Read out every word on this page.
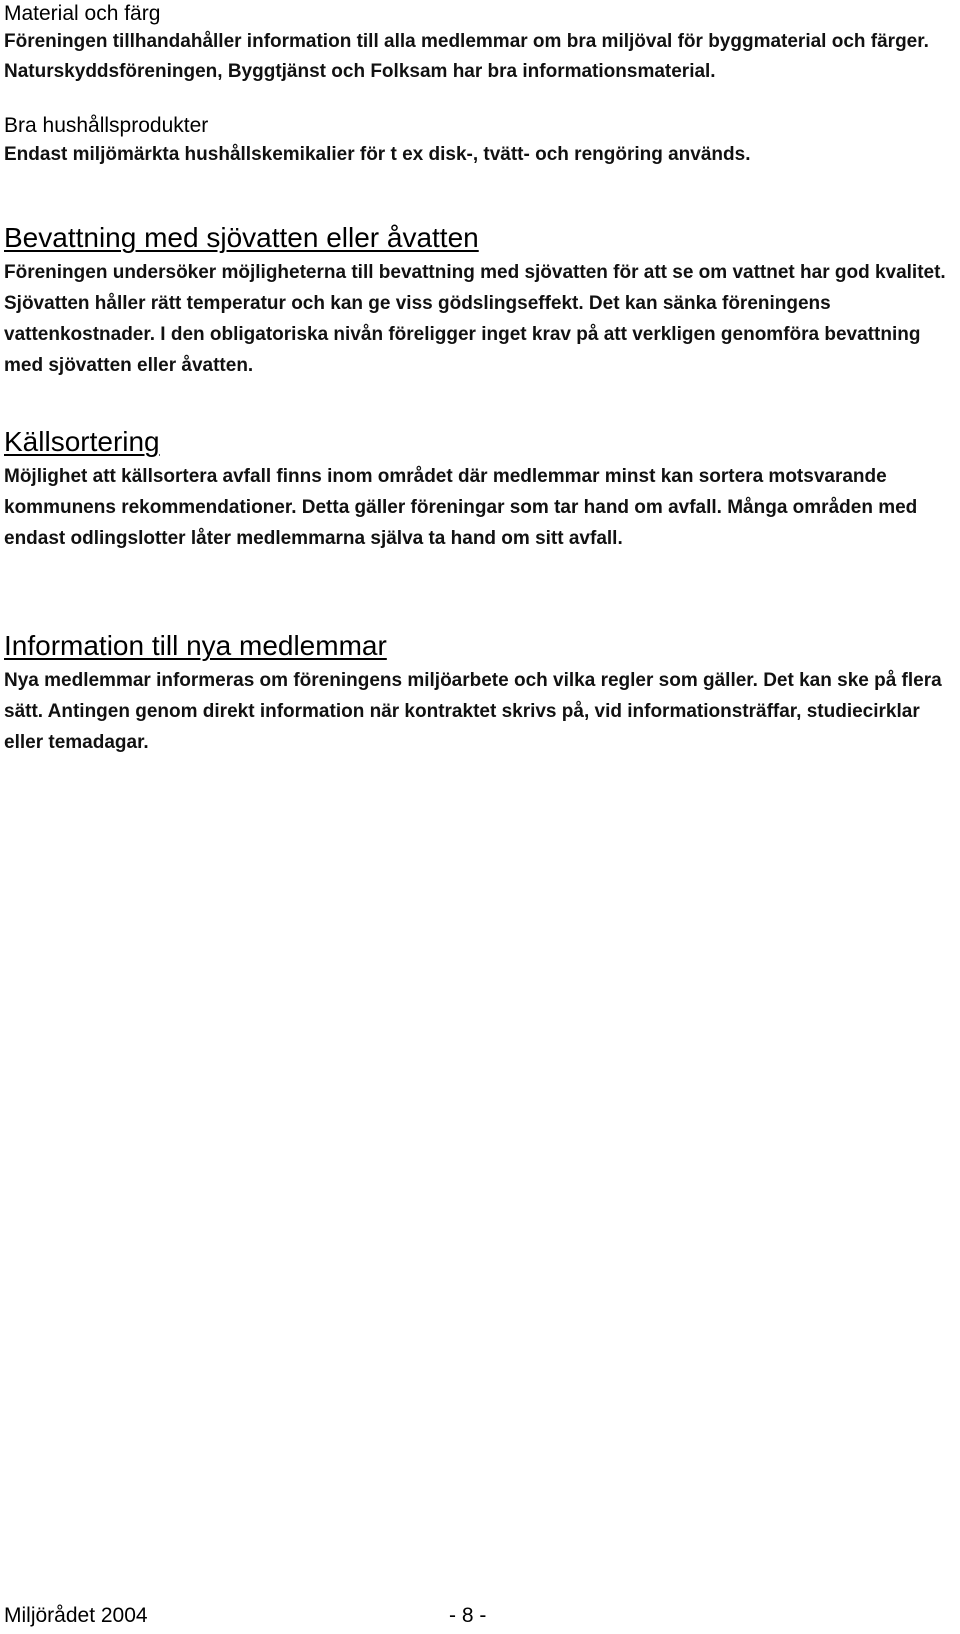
Material och färg

Föreningen tillhandahåller information till alla medlemmar om bra miljöval för byggmaterial och färger. Naturskyddsföreningen, Byggtjänst och Folksam har bra informationsmaterial.

Bra hushållsprodukter

Endast miljömärkta hushållskemikalier för t ex disk-, tvätt- och rengöring används.

Bevattning med sjövatten eller åvatten

Föreningen undersöker möjligheterna till bevattning med sjövatten för att se om vattnet har god kvalitet. Sjövatten håller rätt temperatur och kan ge viss gödslingseffekt. Det kan sänka föreningens vattenkostnader. I den obligatoriska nivån föreligger inget krav på att verkligen genomföra bevattning med sjövatten eller åvatten.

Källsortering

Möjlighet att källsortera avfall finns inom området där medlemmar minst kan sortera motsvarande kommunens rekommendationer. Detta gäller föreningar som tar hand om avfall. Många områden med endast odlingslotter låter medlemmarna själva ta hand om sitt avfall.

Information till nya medlemmar

Nya medlemmar informeras om föreningens miljöarbete och vilka regler som gäller. Det kan ske på flera sätt. Antingen genom direkt information när kontraktet skrivs på, vid informationsträffar, studiecirklar eller temadagar.

Miljörådet 2004	- 8 -
